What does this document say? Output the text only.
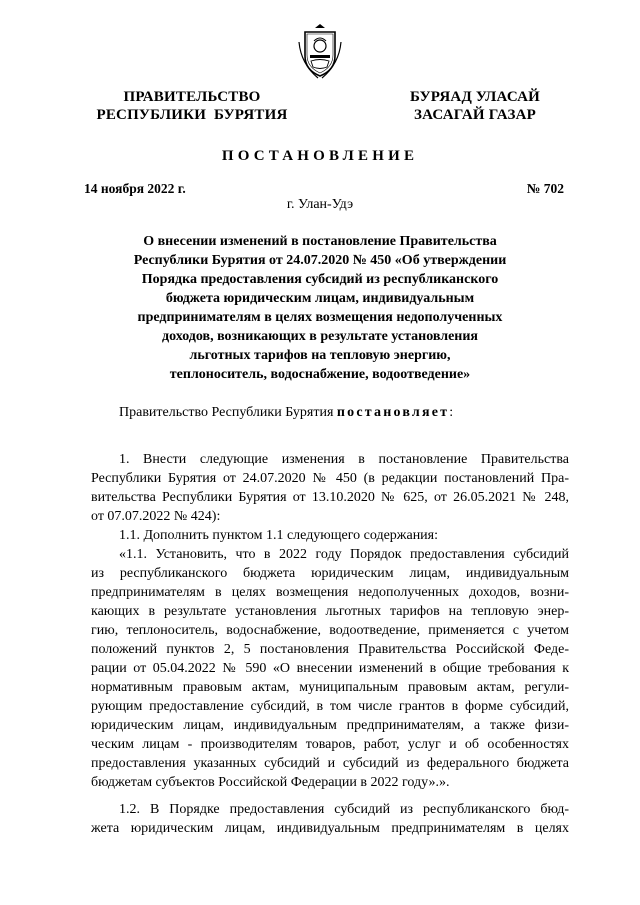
ПРАВИТЕЛЬСТВО
РЕСПУБЛИКИ  БУРЯТИЯ
БУРЯАД УЛАСАЙ
ЗАСАГАЙ ГАЗАР
ПОСТАНОВЛЕНИЕ
14 ноября 2022 г.	№ 702
г. Улан-Удэ
О внесении изменений в постановление Правительства
Республики Бурятия от 24.07.2020 № 450 «Об утверждении
Порядка предоставления субсидий из республиканского
бюджета юридическим лицам, индивидуальным
предпринимателям в целях возмещения недополученных
доходов, возникающих в результате установления
льготных тарифов на тепловую энергию,
теплоноситель, водоснабжение, водоотведение»
Правительство Республики Бурятия постановляет:
1. Внести следующие изменения в постановление Правительства
Республики Бурятия от 24.07.2020 № 450 (в редакции постановлений Пра-
вительства Республики Бурятия от 13.10.2020 № 625, от 26.05.2021 № 248,
от 07.07.2022 № 424):
1.1. Дополнить пунктом 1.1 следующего содержания:
«1.1. Установить, что в 2022 году Порядок предоставления субсидий
из республиканского бюджета юридическим лицам, индивидуальным
предпринимателям в целях возмещения недополученных доходов, возни-
кающих в результате установления льготных тарифов на тепловую энер-
гию, теплоноситель, водоснабжение, водоотведение, применяется с учетом
положений пунктов 2, 5 постановления Правительства Российской Феде-
рации от 05.04.2022 № 590 «О внесении изменений в общие требования к
нормативным правовым актам, муниципальным правовым актам, регули-
рующим предоставление субсидий, в том числе грантов в форме субсидий,
юридическим лицам, индивидуальным предпринимателям, а также физи-
ческим лицам - производителям товаров, работ, услуг и об особенностях
предоставления указанных субсидий и субсидий из федерального бюджета
бюджетам субъектов Российской Федерации в 2022 году».».
1.2. В Порядке предоставления субсидий из республиканского бюд-
жета юридическим лицам, индивидуальным предпринимателям в целях
